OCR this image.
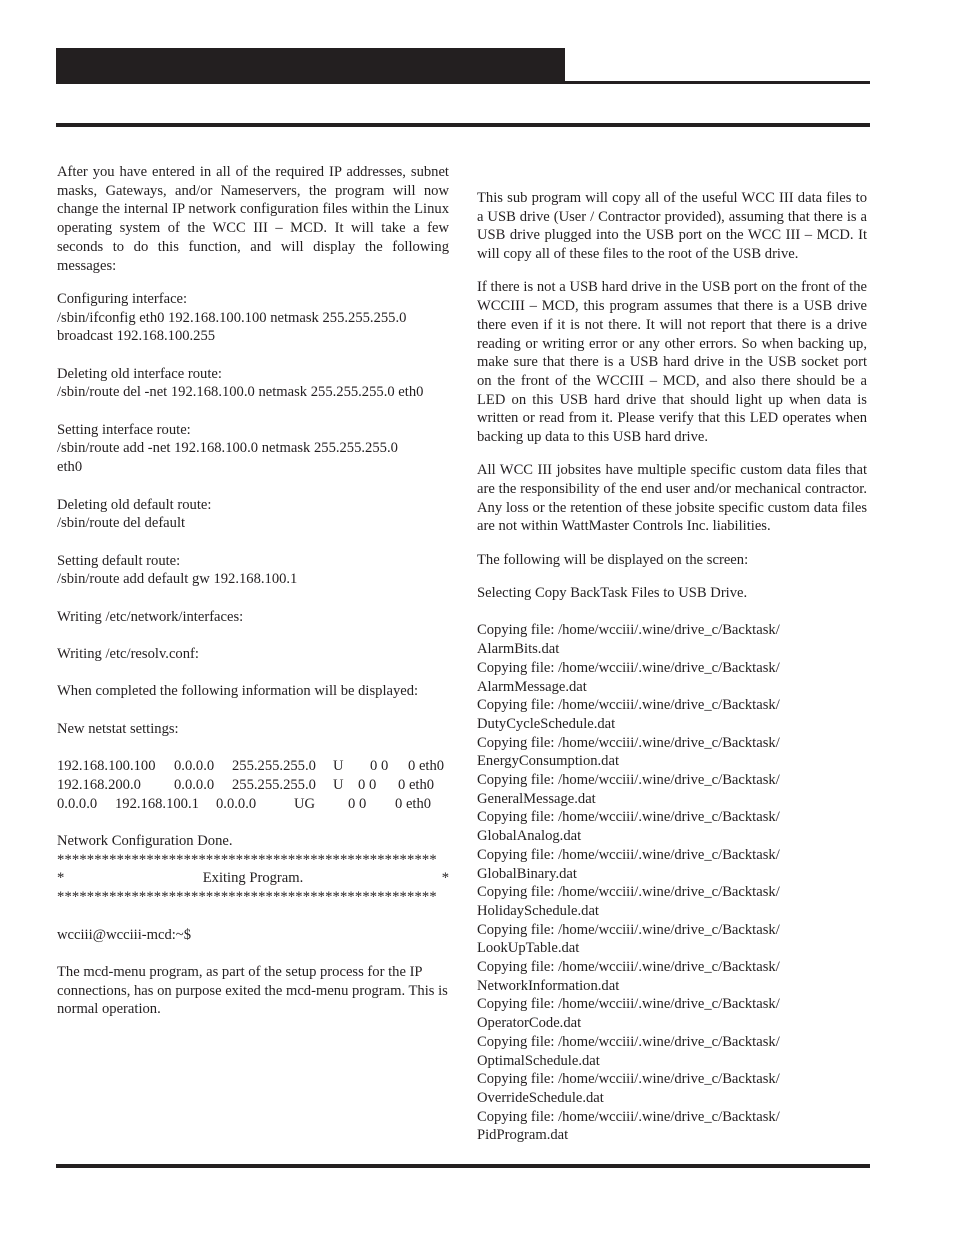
After you have entered in all of the required IP addresses, subnet masks, Gateways, and/or Nameservers, the program will now change the internal IP network configuration files within the Linux operating system of the WCC III – MCD. It will take a few seconds to do this function, and will display the following messages:

Configuring interface:

/sbin/ifconfig eth0 192.168.100.100 netmask 255.255.255.0

broadcast 192.168.100.255

Deleting old interface route:

/sbin/route del -net 192.168.100.0 netmask 255.255.255.0 eth0

Setting interface route:

/sbin/route add -net 192.168.100.0 netmask 255.255.255.0

eth0

Deleting old default route:

/sbin/route del default

Setting default route:

/sbin/route add default gw 192.168.100.1

Writing /etc/network/interfaces:

Writing /etc/resolv.conf:

When completed the following information will be displayed:

New netstat settings:

192.168.100.100	0.0.0.0	255.255.255.0	U	0 0	0 eth0
192.168.200.0	0.0.0.0	255.255.255.0	U 0 0	0 eth0
0.0.0.0	192.168.100.1	0.0.0.0	UG	0 0	0 eth0

Network Configuration Done.

***************************************************
*	Exiting Program.	*
***************************************************

wcciii@wcciii-mcd:~$

The mcd-menu program, as part of the setup process for the IP connections, has on purpose exited the mcd-menu program. This is normal operation.

This sub program will copy all of the useful WCC III data files to a USB drive (User / Contractor provided), assuming that there is a USB drive plugged into the USB port on the WCC III – MCD. It will copy all of these files to the root of the USB drive.

If there is not a USB hard drive in the USB port on the front of the WCCIII – MCD, this program assumes that there is a USB drive there even if it is not there. It will not report that there is a drive reading or writing error or any other errors. So when backing up, make sure that there is a USB hard drive in the USB socket port on the front of the WCCIII – MCD, and also there should be a LED on this USB hard drive that should light up when data is written or read from it. Please verify that this LED operates when backing up data to this USB hard drive.

All WCC III jobsites have multiple specific custom data files that are the responsibility of the end user and/or mechanical contractor. Any loss or the retention of these jobsite specific custom data files are not within WattMaster Controls Inc. liabilities.

The following will be displayed on the screen:

Selecting Copy BackTask Files to USB Drive.

Copying file: /home/wcciii/.wine/drive_c/Backtask/

AlarmBits.dat

Copying file: /home/wcciii/.wine/drive_c/Backtask/

AlarmMessage.dat

Copying file: /home/wcciii/.wine/drive_c/Backtask/

DutyCycleSchedule.dat

Copying file: /home/wcciii/.wine/drive_c/Backtask/

EnergyConsumption.dat

Copying file: /home/wcciii/.wine/drive_c/Backtask/

GeneralMessage.dat

Copying file: /home/wcciii/.wine/drive_c/Backtask/

GlobalAnalog.dat

Copying file: /home/wcciii/.wine/drive_c/Backtask/

GlobalBinary.dat

Copying file: /home/wcciii/.wine/drive_c/Backtask/

HolidaySchedule.dat

Copying file: /home/wcciii/.wine/drive_c/Backtask/

LookUpTable.dat

Copying file: /home/wcciii/.wine/drive_c/Backtask/

NetworkInformation.dat

Copying file: /home/wcciii/.wine/drive_c/Backtask/

OperatorCode.dat

Copying file: /home/wcciii/.wine/drive_c/Backtask/

OptimalSchedule.dat

Copying file: /home/wcciii/.wine/drive_c/Backtask/

OverrideSchedule.dat

Copying file: /home/wcciii/.wine/drive_c/Backtask/

PidProgram.dat
